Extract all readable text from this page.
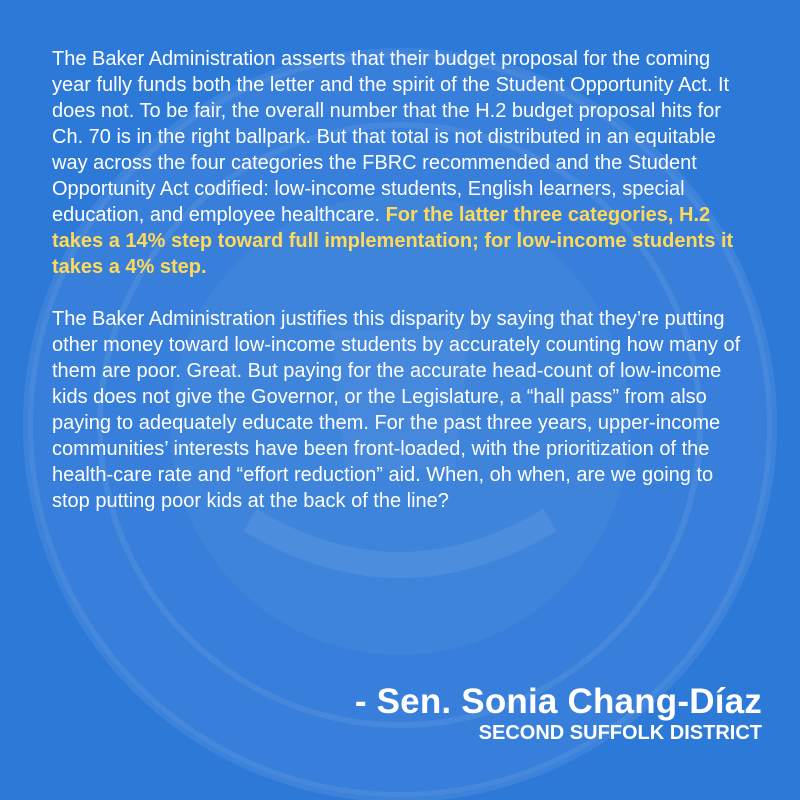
The Baker Administration asserts that their budget proposal for the coming year fully funds both the letter and the spirit of the Student Opportunity Act. It does not. To be fair, the overall number that the H.2 budget proposal hits for Ch. 70 is in the right ballpark. But that total is not distributed in an equitable way across the four categories the FBRC recommended and the Student Opportunity Act codified: low-income students, English learners, special education, and employee healthcare. For the latter three categories, H.2 takes a 14% step toward full implementation; for low-income students it takes a 4% step.

The Baker Administration justifies this disparity by saying that they’re putting other money toward low-income students by accurately counting how many of them are poor. Great. But paying for the accurate head-count of low-income kids does not give the Governor, or the Legislature, a “hall pass” from also paying to adequately educate them. For the past three years, upper-income communities’ interests have been front-loaded, with the prioritization of the health-care rate and “effort reduction” aid. When, oh when, are we going to stop putting poor kids at the back of the line?

- Sen. Sonia Chang-Díaz
SECOND SUFFOLK DISTRICT
